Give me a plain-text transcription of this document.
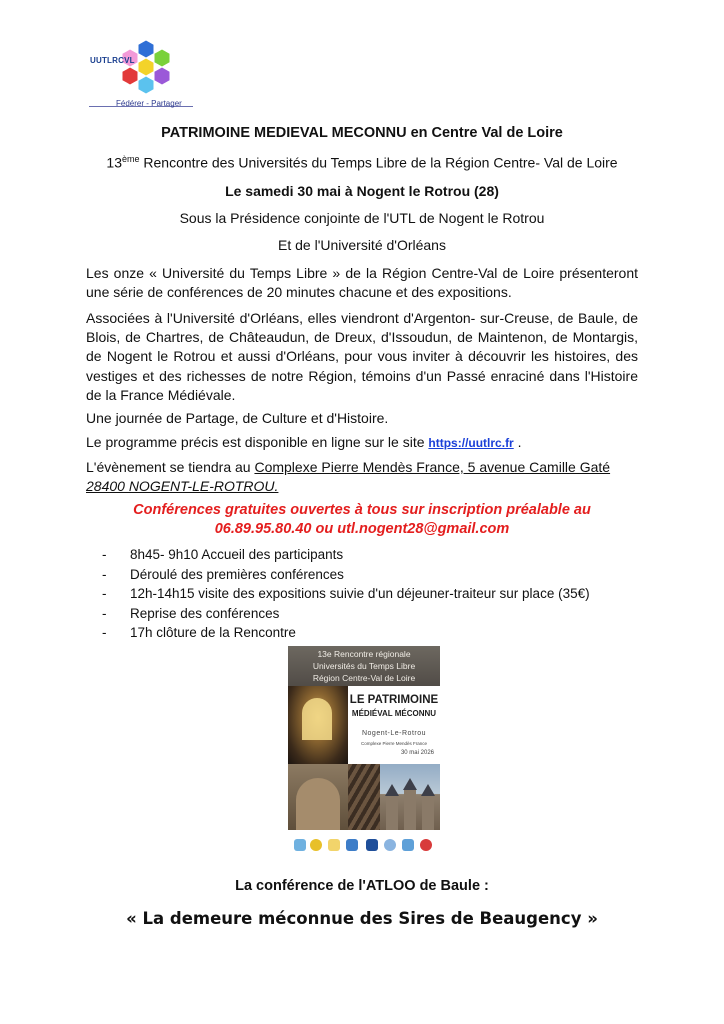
UUTLRCVL
Fédérer - Partager
PATRIMOINE MEDIEVAL MECONNU en Centre Val de Loire
13ème Rencontre des Universités du Temps Libre de la Région Centre- Val de Loire
Le samedi 30 mai à Nogent le Rotrou (28)
Sous la Présidence conjointe de l'UTL de Nogent le Rotrou
Et de l'Université d'Orléans
Les onze « Université du Temps Libre » de la Région Centre-Val de Loire présenteront une série de conférences de 20 minutes chacune et des expositions.
Associées à l'Université d'Orléans, elles viendront d'Argenton- sur-Creuse, de Baule, de Blois, de Chartres, de Châteaudun, de Dreux, d'Issoudun, de Maintenon, de Montargis, de Nogent le Rotrou et aussi d'Orléans, pour vous inviter à découvrir les histoires, des vestiges et des richesses de notre Région, témoins d'un Passé enraciné dans l'Histoire de la France Médiévale.
Une journée de Partage, de Culture et d'Histoire.
Le programme précis est disponible en ligne sur le site https://uutlrc.fr .
L'évènement se tiendra au Complexe Pierre Mendès France, 5 avenue Camille Gaté
28400 NOGENT-LE-ROTROU.
Conférences gratuites ouvertes à tous sur inscription préalable au
06.89.95.80.40 ou utl.nogent28@gmail.com
- 8h45- 9h10 Accueil des participants
- Déroulé des premières conférences
- 12h-14h15 visite des expositions suivie d'un déjeuner-traiteur sur place (35€)
- Reprise des conférences
- 17h clôture de la Rencontre
13e Rencontre régionale
Universités du Temps Libre
Région Centre-Val de Loire
LE PATRIMOINE
MÉDIÉVAL MÉCONNU
Nogent-Le-Rotrou
Complexe Pierre Mendès France
30 mai 2026
La conférence de l'ATLOO de Baule :
« La demeure méconnue des Sires de Beaugency »
